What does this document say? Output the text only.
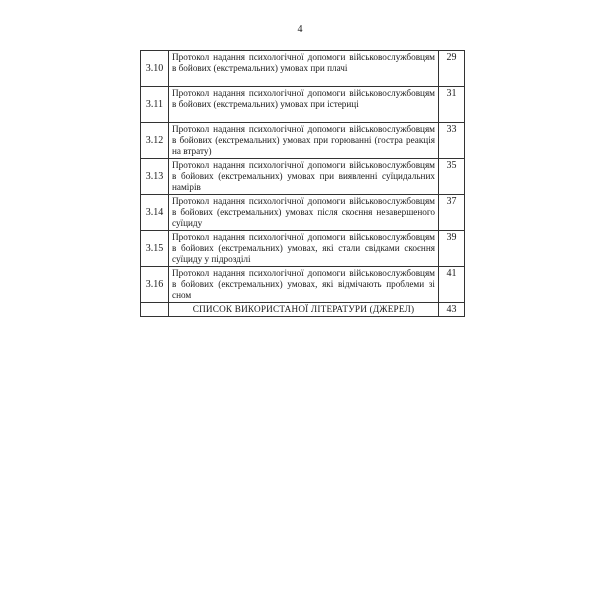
4
3.10	Протокол надання психологічної допомоги військовослужбовцям в бойових (екстремальних) умовах при плачі	29
3.11	Протокол надання психологічної допомоги військовослужбовцям в бойових (екстремальних) умовах при істериці	31
3.12	Протокол надання психологічної допомоги військовослужбовцям в бойових (екстремальних) умовах при горюванні (гостра реакція на втрату)	33
3.13	Протокол надання психологічної допомоги військовослужбовцям в бойових (екстремальних) умовах при виявленні суїцидальних намірів	35
3.14	Протокол надання психологічної допомоги військовослужбовцям в бойових (екстремальних) умовах після скоєння незавершеного суїциду	37
3.15	Протокол надання психологічної допомоги військовослужбовцям в бойових (екстремальних) умовах, які стали свідками скоєння суїциду у підрозділі	39
3.16	Протокол надання психологічної допомоги військовослужбовцям в бойових (екстремальних) умовах, які відмічають проблеми зі сном	41
	СПИСОК ВИКОРИСТАНОЇ ЛІТЕРАТУРИ (ДЖЕРЕЛ)	43
